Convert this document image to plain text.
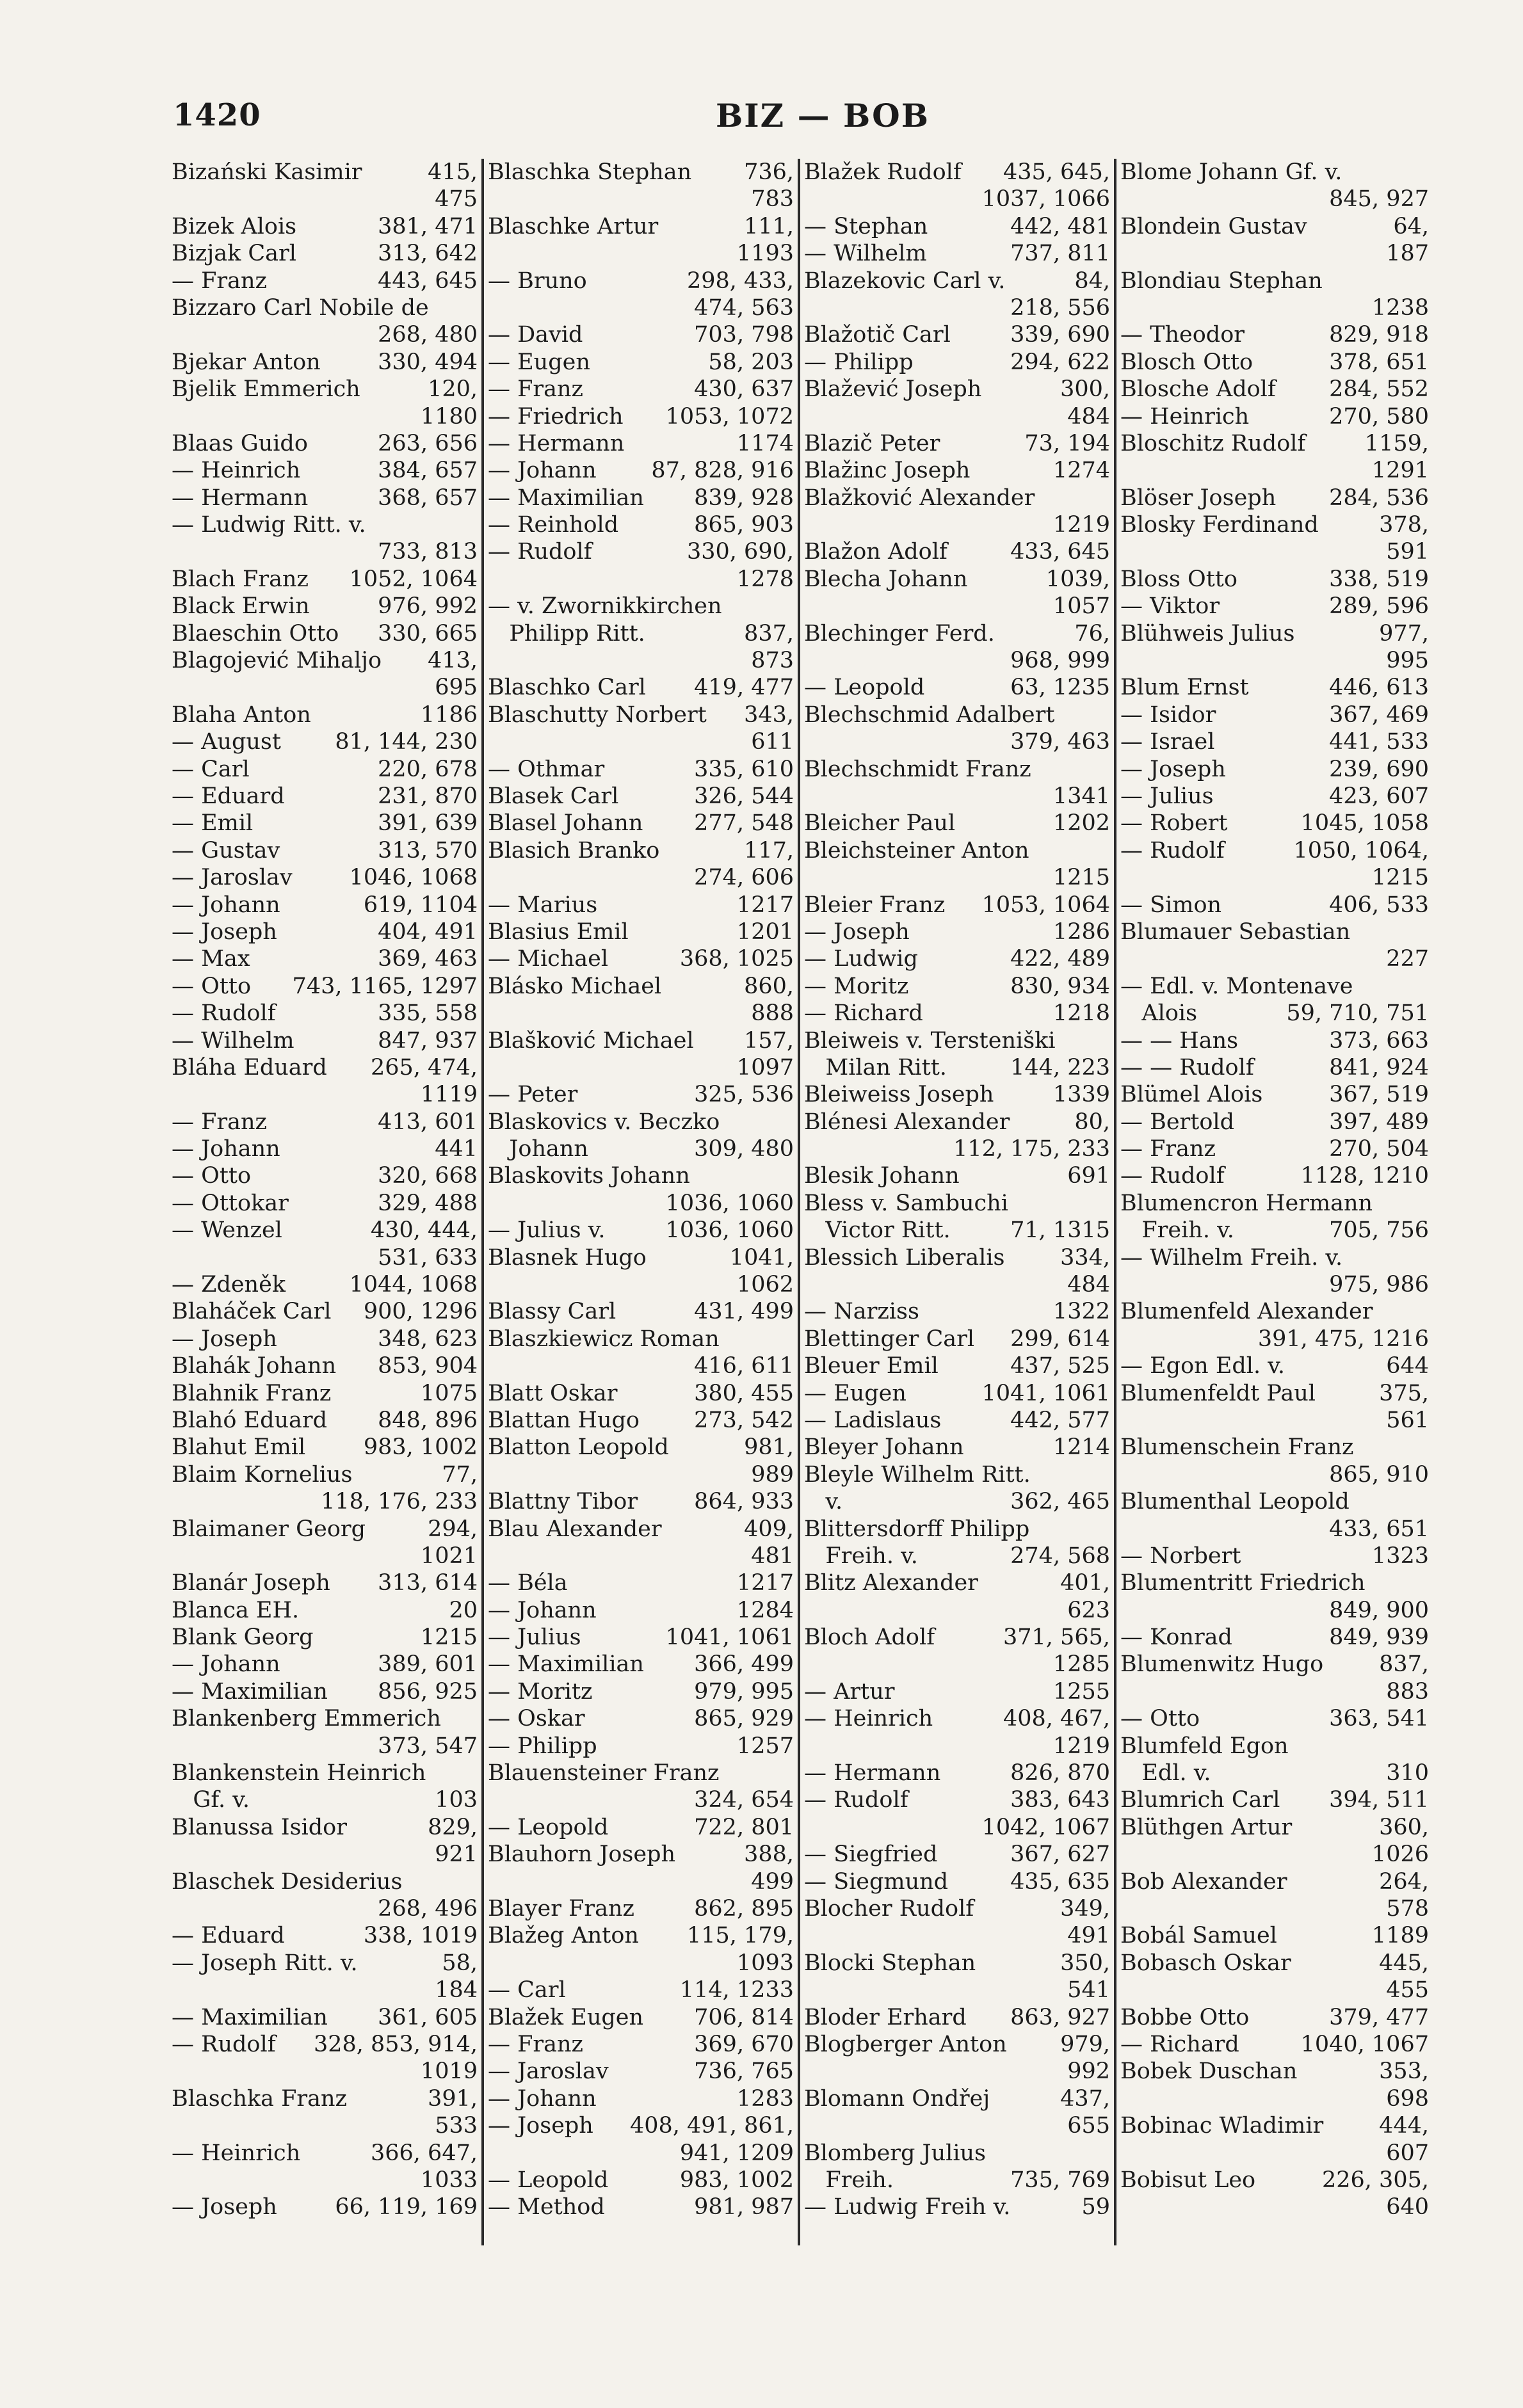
1420	BIZ — BOB
Bizański Kasimir	415,
475
Bizek Alois	381, 471
Bizjak Carl	313, 642
— Franz	443, 645
Bizzaro Carl Nobile de
268, 480
Bjekar Anton	330, 494
Bjelik Emmerich	120,
1180
Blaas Guido	263, 656
— Heinrich	384, 657
— Hermann	368, 657
— Ludwig Ritt. v.
733, 813
Blach Franz 1052, 1064
Black Erwin	976, 992
Blaeschin Otto 330, 665
Blagojević Mihaljo 413,
695
Blaha Anton	1186
— August 81, 144, 230
— Carl	220, 678
— Eduard	231, 870
— Emil	391, 639
— Gustav	313, 570
— Jaroslav	1046, 1068
— Johann	619, 1104
— Joseph	404, 491
— Max	369, 463
— Otto 743, 1165, 1297
— Rudolf	335, 558
— Wilhelm	847, 937
Bláha Eduard 265, 474,
1119
— Franz	413, 601
— Johann	441
— Otto	320, 668
— Ottokar	329, 488
— Wenzel	430, 444,
531, 633
— Zdeněk	1044, 1068
Blaháček Carl 900, 1296
— Joseph	348, 623
Blahák Johann 853, 904
Blahnik Franz	1075
Blahó Eduard 848, 896
Blahut Emil	983, 1002
Blaim Kornelius	77,
118, 176, 233
Blaimaner Georg	294,
1021
Blanár Joseph 313, 614
Blanca EH.	20
Blank Georg	1215
— Johann	389, 601
— Maximilian 856, 925
Blankenberg Emmerich
373, 547
Blankenstein Heinrich
Gf. v.	103
Blanussa Isidor	829,
921
Blaschek Desiderius
268, 496
— Eduard	338, 1019
— Joseph Ritt. v.	58,
184
— Maximilian 361, 605
— Rudolf 328, 853, 914,
1019
Blaschka Franz	391,
533
— Heinrich	366, 647,
1033
— Joseph	66, 119, 169
Blaschka Stephan 736,
783
Blaschke Artur	111,
1193
— Bruno	298, 433,
474, 563
— David	703, 798
— Eugen	58, 203
— Franz	430, 637
— Friedrich 1053, 1072
— Hermann	1174
— Johann 87, 828, 916
— Maximilian 839, 928
— Reinhold	865, 903
— Rudolf	330, 690,
1278
— v. Zwornikkirchen
Philipp Ritt.	837,
873
Blaschko Carl 419, 477
Blaschutty Norbert 343,
611
— Othmar	335, 610
Blasek Carl	326, 544
Blasel Johann 277, 548
Blasich Branko	117,
274, 606
— Marius	1217
Blasius Emil	1201
— Michael	368, 1025
Blásko Michael	860,
888
Blašković Michael 157,
1097
— Peter	325, 536
Blaskovics v. Beczko
Johann	309, 480
Blaskovits Johann
1036, 1060
— Julius v.	1036, 1060
Blasnek Hugo	1041,
1062
Blassy Carl	431, 499
Blaszkiewicz Roman
416, 611
Blatt Oskar	380, 455
Blattan Hugo 273, 542
Blatton Leopold	981,
989
Blattny Tibor	864, 933
Blau Alexander	409,
481
— Béla	1217
— Johann	1284
— Julius	1041, 1061
— Maximilian 366, 499
— Moritz	979, 995
— Oskar	865, 929
— Philipp	1257
Blauensteiner Franz
324, 654
— Leopold	722, 801
Blauhorn Joseph	388,
499
Blayer Franz	862, 895
Blažeg Anton 115, 179,
1093
— Carl	114, 1233
Blažek Eugen 706, 814
— Franz	369, 670
— Jaroslav	736, 765
— Johann	1283
— Joseph 408, 491, 861,
941, 1209
— Leopold	983, 1002
— Method	981, 987
Blažek Rudolf 435, 645,
1037, 1066
— Stephan	442, 481
— Wilhelm	737, 811
Blazekovic Carl v.	84,
218, 556
Blažotič Carl	339, 690
— Philipp	294, 622
Blažević Joseph	300,
484
Blazič Peter	73, 194
Blažinc Joseph	1274
Blažković Alexander
1219
Blažon Adolf	433, 645
Blecha Johann	1039,
1057
Blechinger Ferd.	76,
968, 999
— Leopold	63, 1235
Blechschmid Adalbert
379, 463
Blechschmidt Franz
1341
Bleicher Paul	1202
Bleichsteiner Anton
1215
Bleier Franz 1053, 1064
— Joseph	1286
— Ludwig	422, 489
— Moritz	830, 934
— Richard	1218
Bleiweis v. Tersteniški
Milan Ritt.	144, 223
Bleiweiss Joseph	1339
Blénesi Alexander	80,
112, 175, 233
Blesik Johann	691
Bless v. Sambuchi
Victor Ritt.	71, 1315
Blessich Liberalis 334,
484
— Narziss	1322
Blettinger Carl 299, 614
Bleuer Emil	437, 525
— Eugen	1041, 1061
— Ladislaus	442, 577
Bleyer Johann	1214
Bleyle Wilhelm Ritt.
v.	362, 465
Blittersdorff Philipp
Freih. v.	274, 568
Blitz Alexander	401,
623
Bloch Adolf	371, 565,
1285
— Artur	1255
— Heinrich	408, 467,
1219
— Hermann	826, 870
— Rudolf	383, 643
1042, 1067
— Siegfried	367, 627
— Siegmund	435, 635
Blocher Rudolf	349,
491
Blocki Stephan	350,
541
Bloder Erhard 863, 927
Blogberger Anton 979,
992
Blomann Ondřej	437,
655
Blomberg Julius
Freih.	735, 769
— Ludwig Freih v.	59
Blome Johann Gf. v.
845, 927
Blondein Gustav	64,
187
Blondiau Stephan
1238
— Theodor	829, 918
Blosch Otto	378, 651
Blosche Adolf 284, 552
— Heinrich	270, 580
Bloschitz Rudolf	1159,
1291
Blöser Joseph 284, 536
Blosky Ferdinand	378,
591
Bloss Otto	338, 519
— Viktor	289, 596
Blühweis Julius	977,
995
Blum Ernst	446, 613
— Isidor	367, 469
— Israel	441, 533
— Joseph	239, 690
— Julius	423, 607
— Robert	1045, 1058
— Rudolf	1050, 1064,
1215
— Simon	406, 533
Blumauer Sebastian
227
— Edl. v. Montenave
Alois	59, 710, 751
— — Hans	373, 663
— — Rudolf	841, 924
Blümel Alois	367, 519
— Bertold	397, 489
— Franz	270, 504
— Rudolf	1128, 1210
Blumencron Hermann
Freih. v.	705, 756
— Wilhelm Freih. v.
975, 986
Blumenfeld Alexander
391, 475, 1216
— Egon Edl. v.	644
Blumenfeldt Paul	375,
561
Blumenschein Franz
865, 910
Blumenthal Leopold
433, 651
— Norbert	1323
Blumentritt Friedrich
849, 900
— Konrad	849, 939
Blumenwitz Hugo 837,
883
— Otto	363, 541
Blumfeld Egon
Edl. v.	310
Blumrich Carl 394, 511
Blüthgen Artur	360,
1026
Bob Alexander	264,
578
Bobál Samuel	1189
Bobasch Oskar	445,
455
Bobbe Otto	379, 477
— Richard	1040, 1067
Bobek Duschan	353,
698
Bobinac Wladimir 444,
607
Bobisut Leo	226, 305,
640
